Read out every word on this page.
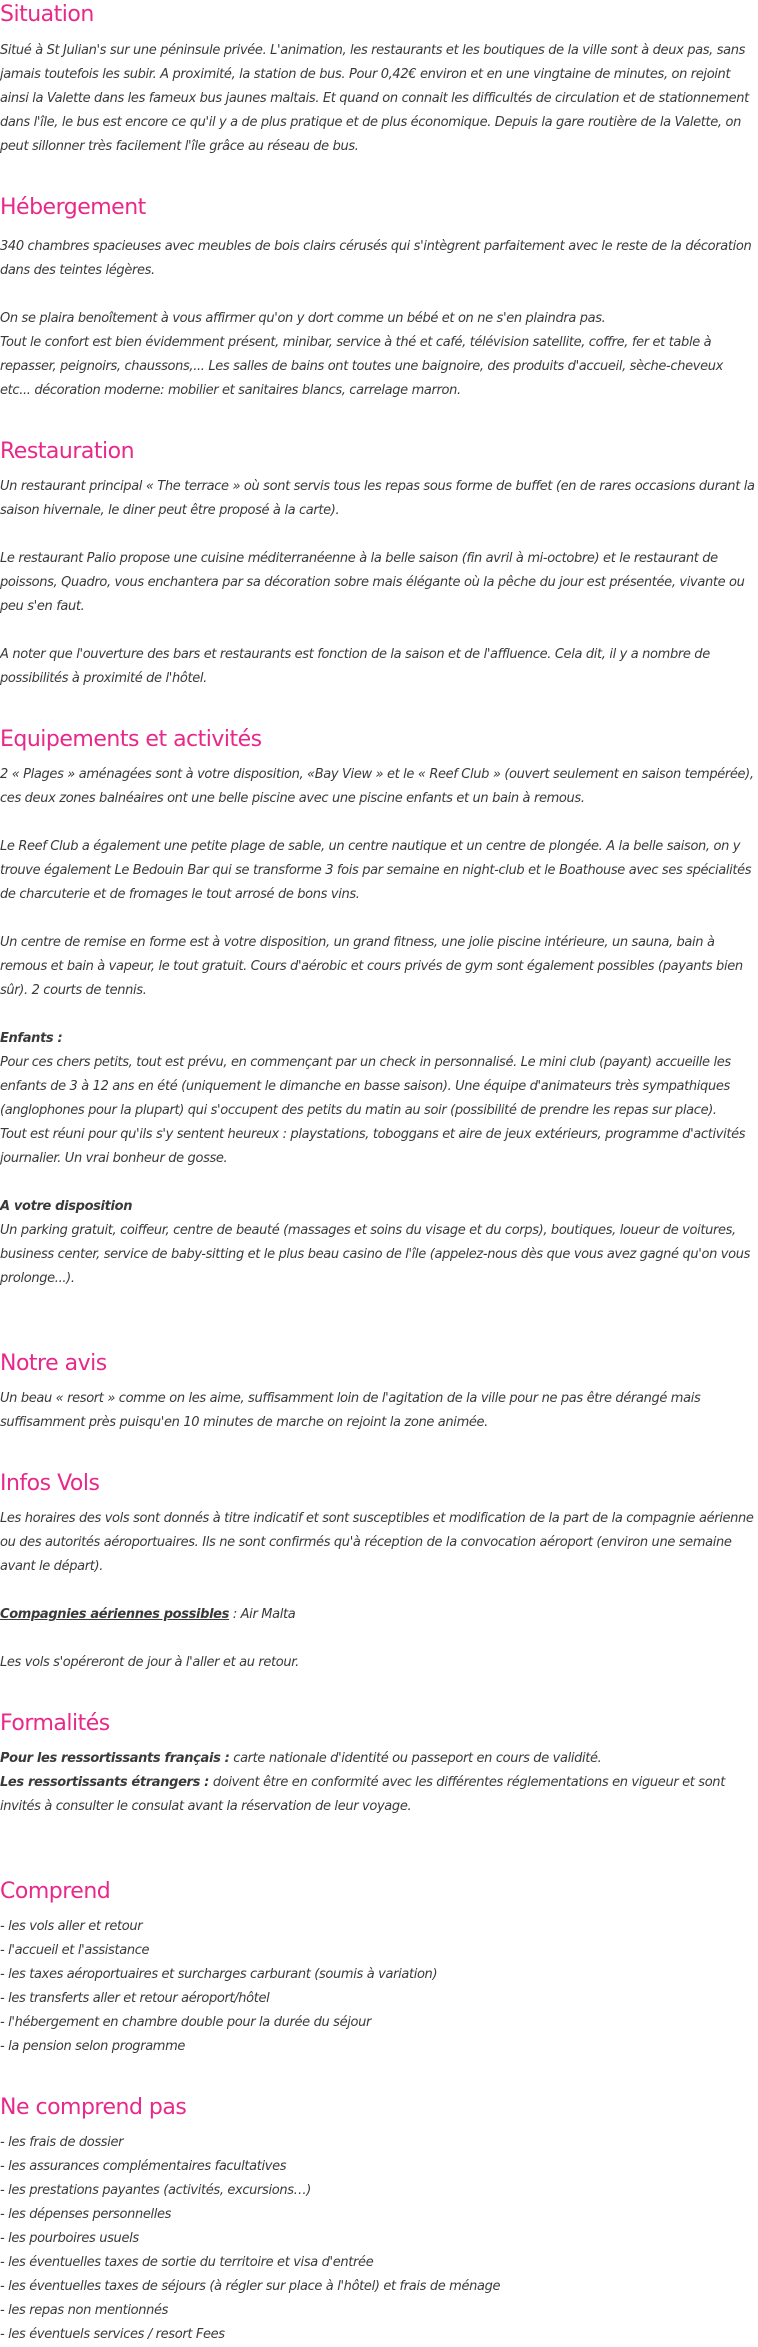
Situation

Situé à St Julian's sur une péninsule privée. L'animation, les restaurants et les boutiques de la ville sont à deux pas, sans jamais toutefois les subir. A proximité, la station de bus. Pour 0,42€ environ et en une vingtaine de minutes, on rejoint ainsi la Valette dans les fameux bus jaunes maltais. Et quand on connait les difficultés de circulation et de stationnement dans l'île, le bus est encore ce qu'il y a de plus pratique et de plus économique. Depuis la gare routière de la Valette, on peut sillonner très facilement l'île grâce au réseau de bus.

Hébergement

340 chambres spacieuses avec meubles de bois clairs cérusés qui s'intègrent parfaitement avec le reste de la décoration dans des teintes légères.

On se plaira benoîtement à vous affirmer qu'on y dort comme un bébé et on ne s'en plaindra pas.

Tout le confort est bien évidemment présent, minibar, service à thé et café, télévision satellite, coffre, fer et table à repasser, peignoirs, chaussons,... Les salles de bains ont toutes une baignoire, des produits d'accueil, sèche-cheveux etc... décoration moderne: mobilier et sanitaires blancs, carrelage marron.

Restauration

Un restaurant principal « The terrace » où sont servis tous les repas sous forme de buffet (en de rares occasions durant la saison hivernale, le diner peut être proposé à la carte).

Le restaurant Palio propose une cuisine méditerranéenne à la belle saison (fin avril à mi-octobre) et le restaurant de poissons, Quadro, vous enchantera par sa décoration sobre mais élégante où la pêche du jour est présentée, vivante ou peu s'en faut.

A noter que l'ouverture des bars et restaurants est fonction de la saison et de l'affluence. Cela dit, il y a nombre de possibilités à proximité de l'hôtel.

Equipements et activités

2 « Plages » aménagées sont à votre disposition, «Bay View » et le « Reef Club » (ouvert seulement en saison tempérée), ces deux zones balnéaires ont une belle piscine avec une piscine enfants et un bain à remous.

Le Reef Club a également une petite plage de sable, un centre nautique et un centre de plongée. A la belle saison, on y trouve également Le Bedouin Bar qui se transforme 3 fois par semaine en night-club et le Boathouse avec ses spécialités de charcuterie et de fromages le tout arrosé de bons vins.

Un centre de remise en forme est à votre disposition, un grand fitness, une jolie piscine intérieure, un sauna, bain à remous et bain à vapeur, le tout gratuit. Cours d'aérobic et cours privés de gym sont également possibles (payants bien sûr). 2 courts de tennis.

Enfants :

Pour ces chers petits, tout est prévu, en commençant par un check in personnalisé. Le mini club (payant) accueille les enfants de 3 à 12 ans en été (uniquement le dimanche en basse saison). Une équipe d'animateurs très sympathiques (anglophones pour la plupart) qui s'occupent des petits du matin au soir (possibilité de prendre les repas sur place).

Tout est réuni pour qu'ils s'y sentent heureux : playstations, toboggans et aire de jeux extérieurs, programme d'activités journalier. Un vrai bonheur de gosse.

A votre disposition

Un parking gratuit, coiffeur, centre de beauté (massages et soins du visage et du corps), boutiques, loueur de voitures, business center, service de baby-sitting et le plus beau casino de l'île (appelez-nous dès que vous avez gagné qu'on vous prolonge...).

Notre avis

Un beau « resort » comme on les aime, suffisamment loin de l'agitation de la ville pour ne pas être dérangé mais suffisamment près puisqu'en 10 minutes de marche on rejoint la zone animée.

Infos Vols

Les horaires des vols sont donnés à titre indicatif et sont susceptibles et modification de la part de la compagnie aérienne ou des autorités aéroportuaires. Ils ne sont confirmés qu'à réception de la convocation aéroport (environ une semaine avant le départ).

Compagnies aériennes possibles : Air Malta

Les vols s'opéreront de jour à l'aller et au retour.

Formalités

Pour les ressortissants français : carte nationale d'identité ou passeport en cours de validité.

Les ressortissants étrangers : doivent être en conformité avec les différentes réglementations en vigueur et sont invités à consulter le consulat avant la réservation de leur voyage.

Comprend

- les vols aller et retour

- l'accueil et l'assistance

- les taxes aéroportuaires et surcharges carburant (soumis à variation)

- les transferts aller et retour aéroport/hôtel

- l'hébergement en chambre double pour la durée du séjour

- la pension selon programme

Ne comprend pas

- les frais de dossier

- les assurances complémentaires facultatives

- les prestations payantes (activités, excursions…)

- les dépenses personnelles

- les pourboires usuels

- les éventuelles taxes de sortie du territoire et visa d'entrée

- les éventuelles taxes de séjours (à régler sur place à l'hôtel) et frais de ménage

- les repas non mentionnés

- les éventuels services / resort Fees
